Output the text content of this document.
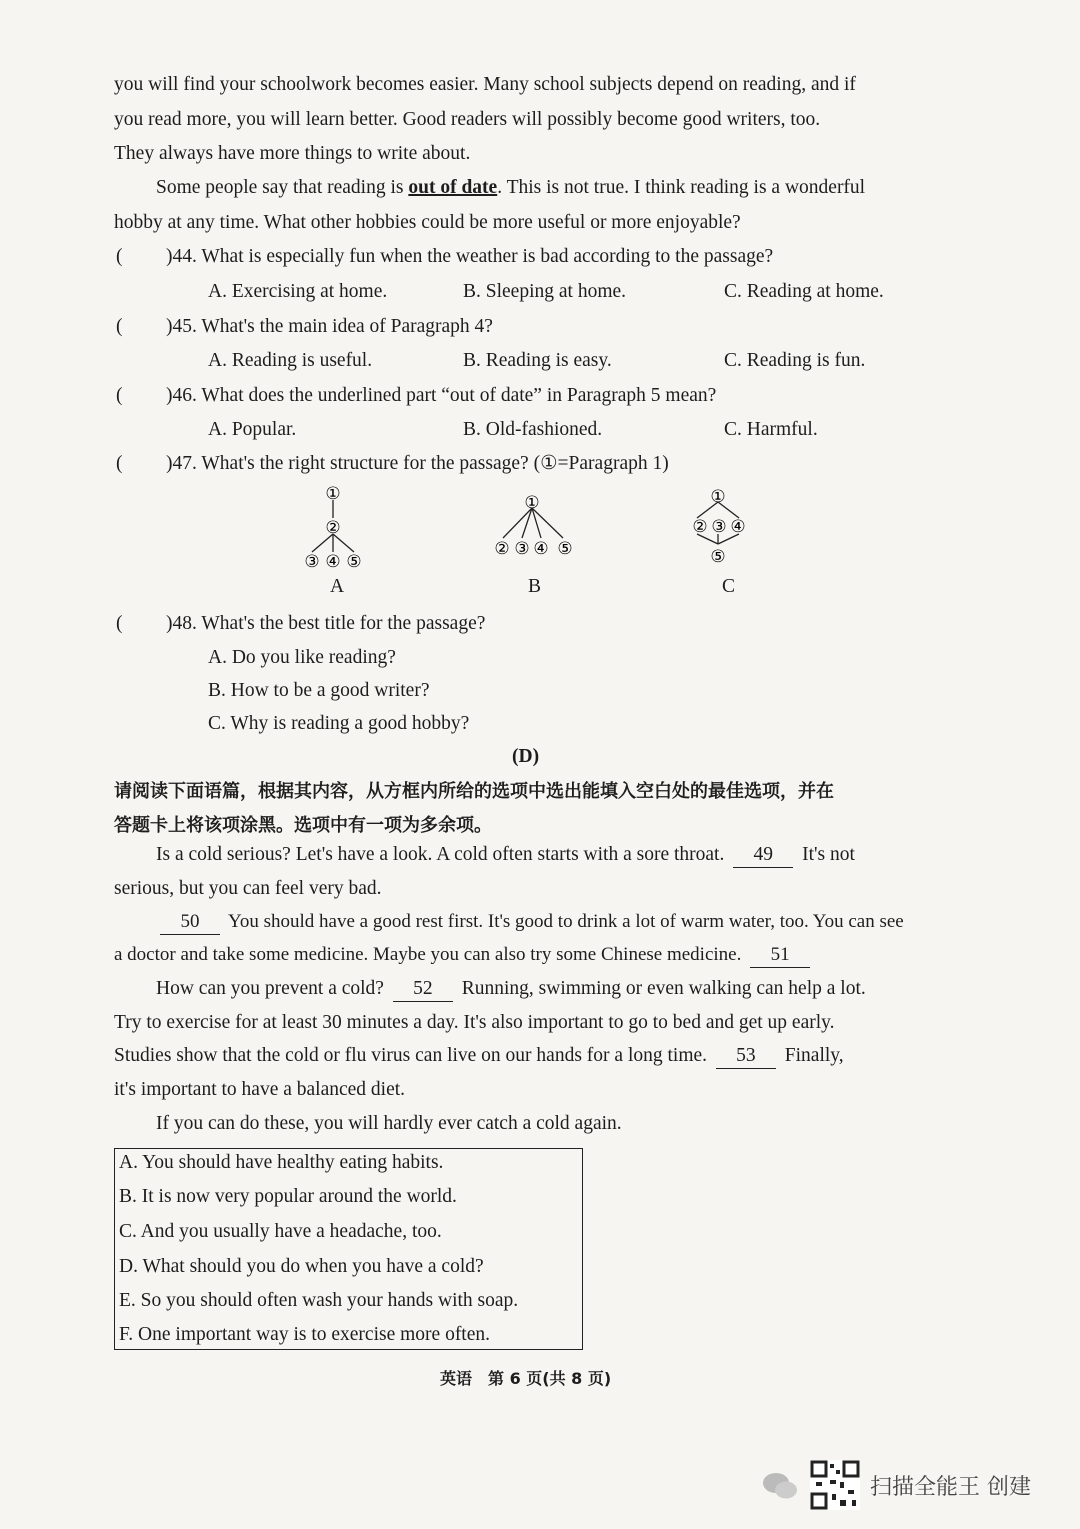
you will find your schoolwork becomes easier. Many school subjects depend on reading, and if
you read more, you will learn better. Good readers will possibly become good writers, too.
They always have more things to write about.
Some people say that reading is out of date. This is not true. I think reading is a wonderful
hobby at any time. What other hobbies could be more useful or more enjoyable?
( )44. What is especially fun when the weather is bad according to the passage?
A. Exercising at home.	B. Sleeping at home.	C. Reading at home.
( )45. What's the main idea of Paragraph 4?
A. Reading is useful.	B. Reading is easy.	C. Reading is fun.
( )46. What does the underlined part “out of date” in Paragraph 5 mean?
A. Popular.	B. Old-fashioned.	C. Harmful.
( )47. What's the right structure for the passage? (①=Paragraph 1)
①
②
③ ④ ⑤
A
①
② ③ ④ ⑤
B
①
② ③ ④
⑤
C
( )48. What's the best title for the passage?
A. Do you like reading?
B. How to be a good writer?
C. Why is reading a good hobby?
(D)
请阅读下面语篇，根据其内容，从方框内所给的选项中选出能填入空白处的最佳选项，并在
答题卡上将该项涂黑。选项中有一项为多余项。
Is a cold serious? Let's have a look. A cold often starts with a sore throat. 49 It's not
serious, but you can feel very bad.
50 You should have a good rest first. It's good to drink a lot of warm water, too. You can see
a doctor and take some medicine. Maybe you can also try some Chinese medicine. 51
How can you prevent a cold? 52 Running, swimming or even walking can help a lot.
Try to exercise for at least 30 minutes a day. It's also important to go to bed and get up early.
Studies show that the cold or flu virus can live on our hands for a long time. 53 Finally,
it's important to have a balanced diet.
If you can do these, you will hardly ever catch a cold again.
A. You should have healthy eating habits.
B. It is now very popular around the world.
C. And you usually have a headache, too.
D. What should you do when you have a cold?
E. So you should often wash your hands with soap.
F. One important way is to exercise more often.
英语　第 6 页(共 8 页)
扫描全能王 创建
